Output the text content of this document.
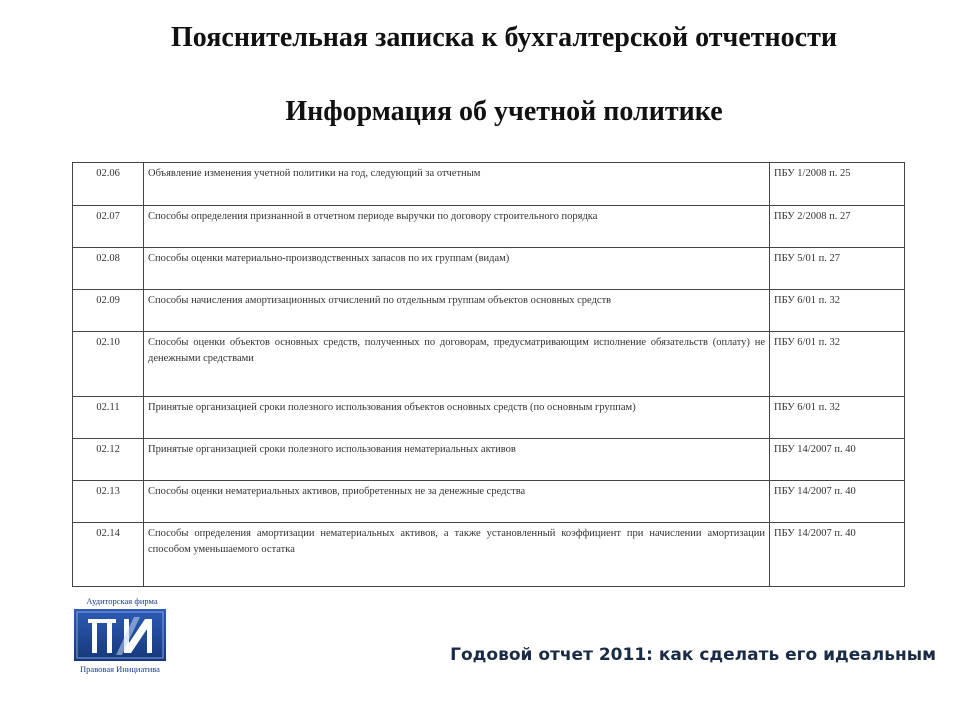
Пояснительная записка к бухгалтерской отчетности
Информация об учетной политике
02.06	Объявление изменения учетной политики на год, следующий за отчетным	ПБУ 1/2008 п. 25
02.07	Способы определения признанной в отчетном периоде выручки по договору строительного порядка	ПБУ 2/2008 п. 27
02.08	Способы оценки материально-производственных запасов по их группам (видам)	ПБУ 5/01 п. 27
02.09	Способы начисления амортизационных отчислений по отдельным группам объектов основных средств	ПБУ 6/01 п. 32
02.10	Способы оценки объектов основных средств, полученных по договорам, предусматривающим исполнение обязательств (оплату) не денежными средствами	ПБУ 6/01 п. 32
02.11	Принятые организацией сроки полезного использования объектов основных средств (по основным группам)	ПБУ 6/01 п. 32
02.12	Принятые организацией сроки полезного использования нематериальных активов	ПБУ 14/2007 п. 40
02.13	Способы оценки нематериальных активов, приобретенных не за денежные средства	ПБУ 14/2007 п. 40
02.14	Способы определения амортизации нематериальных активов, а также установленный коэффициент при начислении амортизации способом уменьшаемого остатка	ПБУ 14/2007 п. 40
Аудиторская фирма
Правовая Инициатива
Годовой отчет 2011: как сделать его идеальным
